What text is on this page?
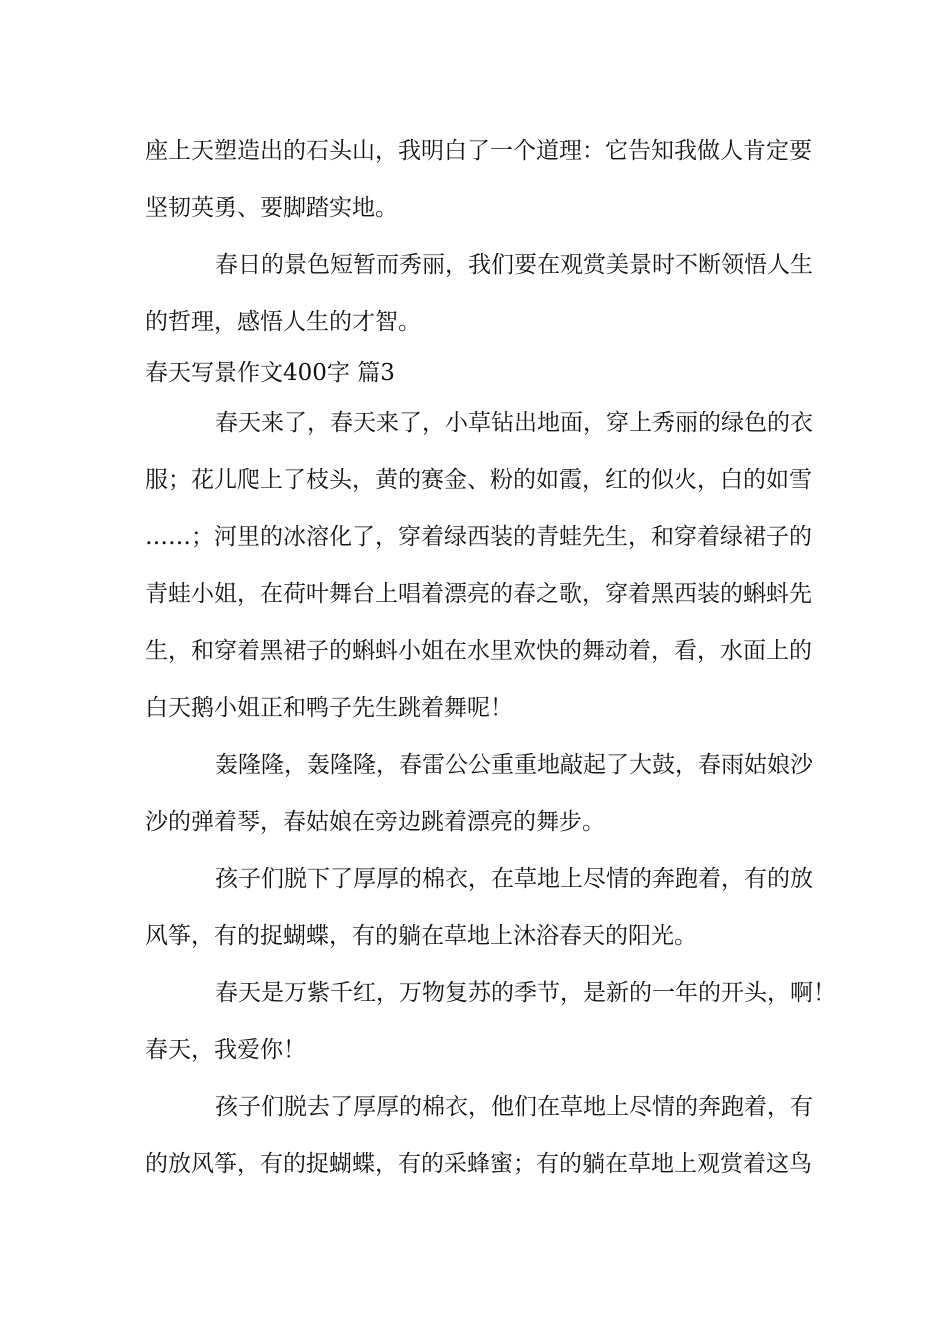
座上天塑造出的石头山，我明白了一个道理：它告知我做人肯定要

坚韧英勇、要脚踏实地。

春日的景色短暂而秀丽，我们要在观赏美景时不断领悟人生

的哲理，感悟人生的才智。

春天写景作文400字 篇3

春天来了，春天来了，小草钻出地面，穿上秀丽的绿色的衣

服；花儿爬上了枝头，黄的赛金、粉的如霞，红的似火，白的如雪

……；河里的冰溶化了，穿着绿西装的青蛙先生，和穿着绿裙子的

青蛙小姐，在荷叶舞台上唱着漂亮的春之歌，穿着黑西装的蝌蚪先

生，和穿着黑裙子的蝌蚪小姐在水里欢快的舞动着，看，水面上的

白天鹅小姐正和鸭子先生跳着舞呢！

轰隆隆，轰隆隆，春雷公公重重地敲起了大鼓，春雨姑娘沙

沙的弹着琴，春姑娘在旁边跳着漂亮的舞步。

孩子们脱下了厚厚的棉衣，在草地上尽情的奔跑着，有的放

风筝，有的捉蝴蝶，有的躺在草地上沐浴春天的阳光。

春天是万紫千红，万物复苏的季节，是新的一年的开头，啊！

春天，我爱你！

孩子们脱去了厚厚的棉衣，他们在草地上尽情的奔跑着，有

的放风筝，有的捉蝴蝶，有的采蜂蜜；有的躺在草地上观赏着这鸟
